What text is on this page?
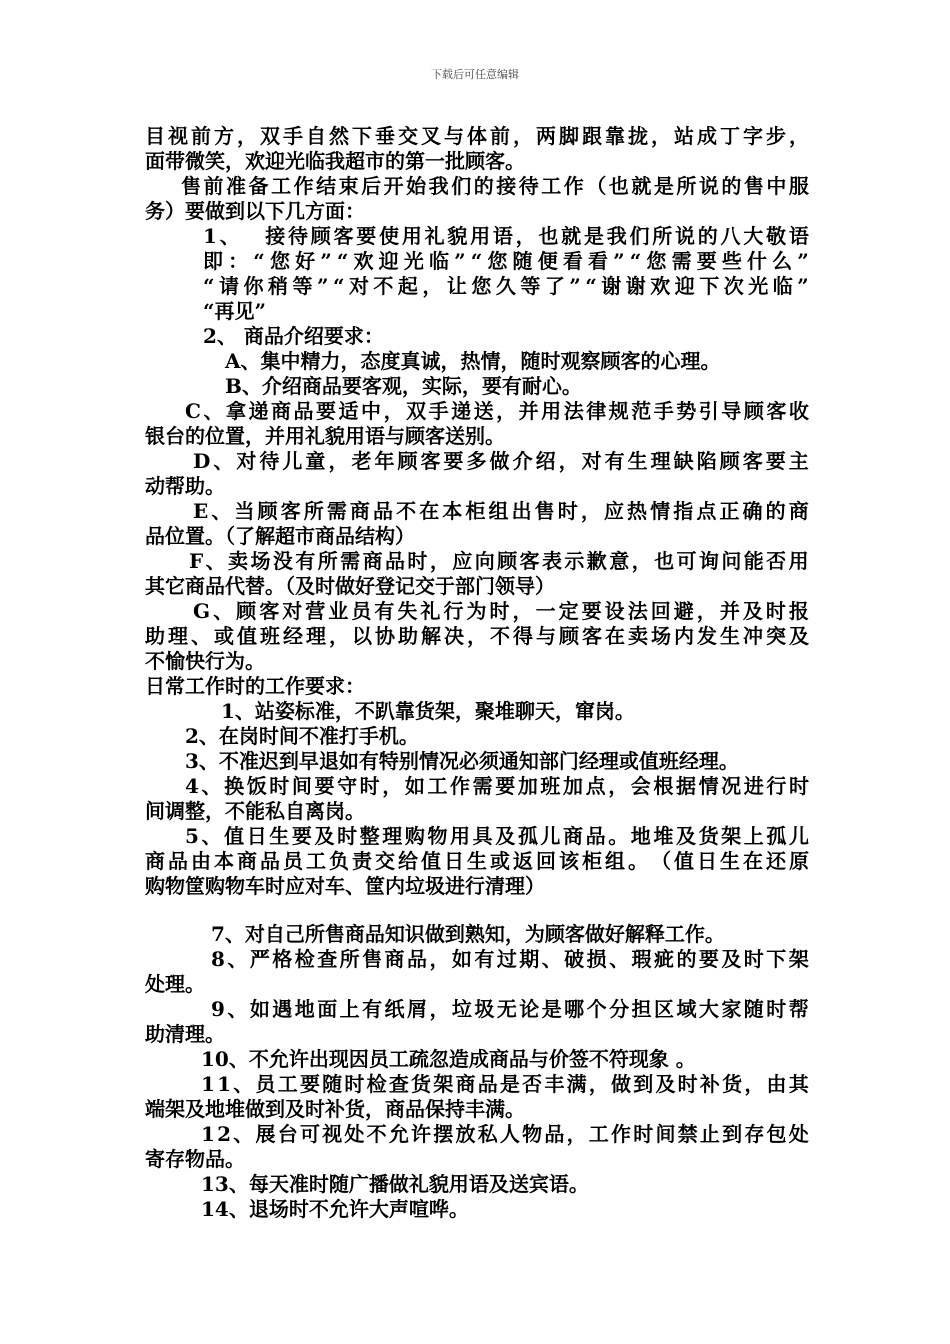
下载后可任意编辑
目 视 前 方 ， 双 手 自 然 下 垂 交 叉 与 体 前 ， 两 脚 跟 靠 拢 ， 站 成 丁 字 步 ，
面带微笑，欢迎光临我超市的第一批顾客。
售 前 准 备 工 作 结 束 后 开 始 我 们 的 接 待 工 作 （ 也 就 是 所 说 的 售 中 服
务）要做到以下几方面：
1 、
　 接 待 顾 客 要 使 用 礼 貌 用 语 ， 也 就 是 我 们 所 说 的 八 大 敬 语
即 ： “ 您 好 ” “ 欢 迎 光 临 ” “ 您 随 便 看 看 ” “ 您 需 要 些 什 么 ”
“ 请 你 稍 等 ” “ 对 不 起 ， 让 您 久 等 了 ” “ 谢 谢 欢 迎 下 次 光 临 ”
“再见”
2、 商品介绍要求：
A、集中精力，态度真诚，热情，随时观察顾客的心理。
B、介绍商品要客观，实际，要有耐心。
C 、 拿 递 商 品 要 适 中 ， 双 手 递 送 ， 并 用 法 律 规 范 手 势 引 导 顾 客 收
银台的位置，并用礼貌用语与顾客送别。
D 、 对 待 儿 童 ， 老 年 顾 客 要 多 做 介 绍 ， 对 有 生 理 缺 陷 顾 客 要 主
动帮助。
E 、 当 顾 客 所 需 商 品 不 在 本 柜 组 出 售 时 ， 应 热 情 指 点 正 确 的 商
品位置。（了解超市商品结构）
F 、 卖 场 没 有 所 需 商 品 时 ， 应 向 顾 客 表 示 歉 意 ， 也 可 询 问 能 否 用
其它商品代替。（及时做好登记交于部门领导）
G 、 顾 客 对 营 业 员 有 失 礼 行 为 时 ， 一 定 要 设 法 回 避 ， 并 及 时 报
助 理 、 或 值 班 经 理 ， 以 协 助 解 决 ， 不 得 与 顾 客 在 卖 场 内 发 生 冲 突 及
不愉快行为。
日常工作时的工作要求：
1、站姿标准，不趴靠货架，聚堆聊天，窜岗。
2、在岗时间不准打手机。
3、不准迟到早退如有特别情况必须通知部门经理或值班经理。
4 、 换 饭 时 间 要 守 时 ， 如 工 作 需 要 加 班 加 点 ， 会 根 据 情 况 进 行 时
间调整，不能私自离岗。
5 、 值 日 生 要 及 时 整 理 购 物 用 具 及 孤 儿 商 品 。 地 堆 及 货 架 上 孤 儿
商 品 由 本 商 品 员 工 负 责 交 给 值 日 生 或 返 回 该 柜 组 。 （ 值 日 生 在 还 原
购物筐购物车时应对车、筐内垃圾进行清理）
7、对自己所售商品知识做到熟知，为顾客做好解释工作。
8 、 严 格 检 查 所 售 商 品 ， 如 有 过 期 、 破 损 、 瑕 疵 的 要 及 时 下 架
处理。
9 、 如 遇 地 面 上 有 纸 屑 ， 垃 圾 无 论 是 哪 个 分 担 区 域 大 家 随 时 帮
助清理。
10、不允许出现因员工疏忽造成商品与价签不符现象 。
1 1 、 员 工 要 随 时 检 查 货 架 商 品 是 否 丰 满 ， 做 到 及 时 补 货 ， 由 其
端架及地堆做到及时补货，商品保持丰满。
1 2 、 展 台 可 视 处 不 允 许 摆 放 私 人 物 品 ， 工 作 时 间 禁 止 到 存 包 处
寄存物品。
13、每天准时随广播做礼貌用语及送宾语。
14、退场时不允许大声喧哗。
